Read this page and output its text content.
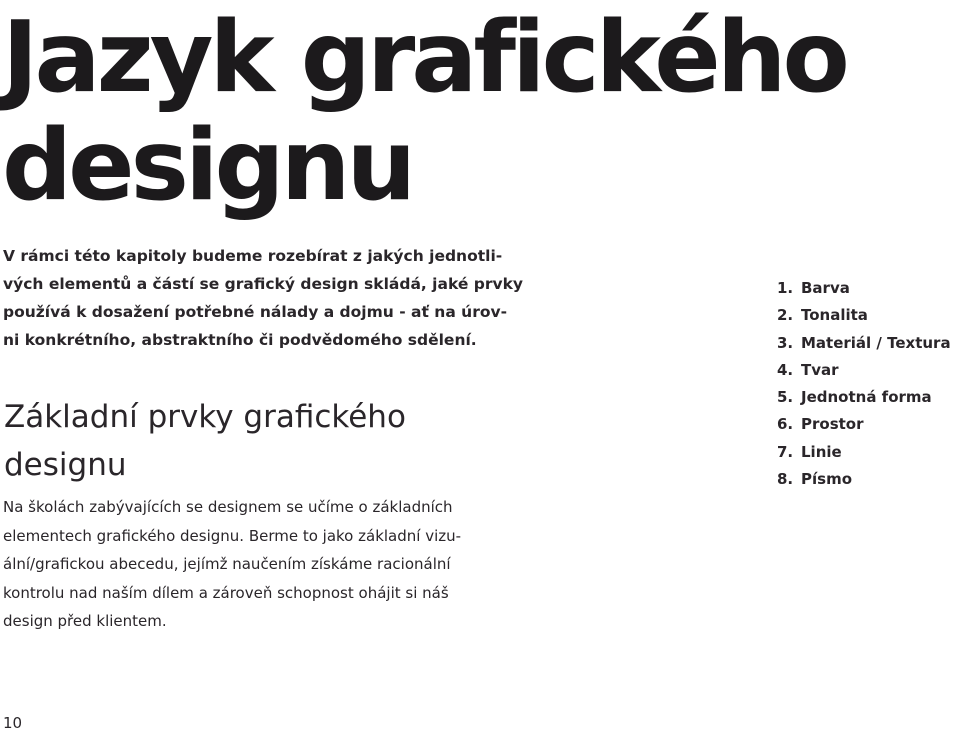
Jazyk grafického
designu

V rámci této kapitoly budeme rozebírat z jakých jednotli-
vých elementů a částí se grafický design skládá, jaké prvky
používá k dosažení potřebné nálady a dojmu - ať na úrov-
ni konkrétního, abstraktního či podvědomého sdělení.

Základní prvky grafického
designu

Na školách zabývajících se designem se učíme o základních
elementech grafického designu. Berme to jako základní vizu-
ální/grafickou abecedu, jejímž naučením získáme racionální
kontrolu nad naším dílem a zároveň schopnost ohájit si náš
design před klientem.

1. Barva
2. Tonalita
3. Materiál / Textura
4. Tvar
5. Jednotná forma
6. Prostor
7. Linie
8. Písmo
10
